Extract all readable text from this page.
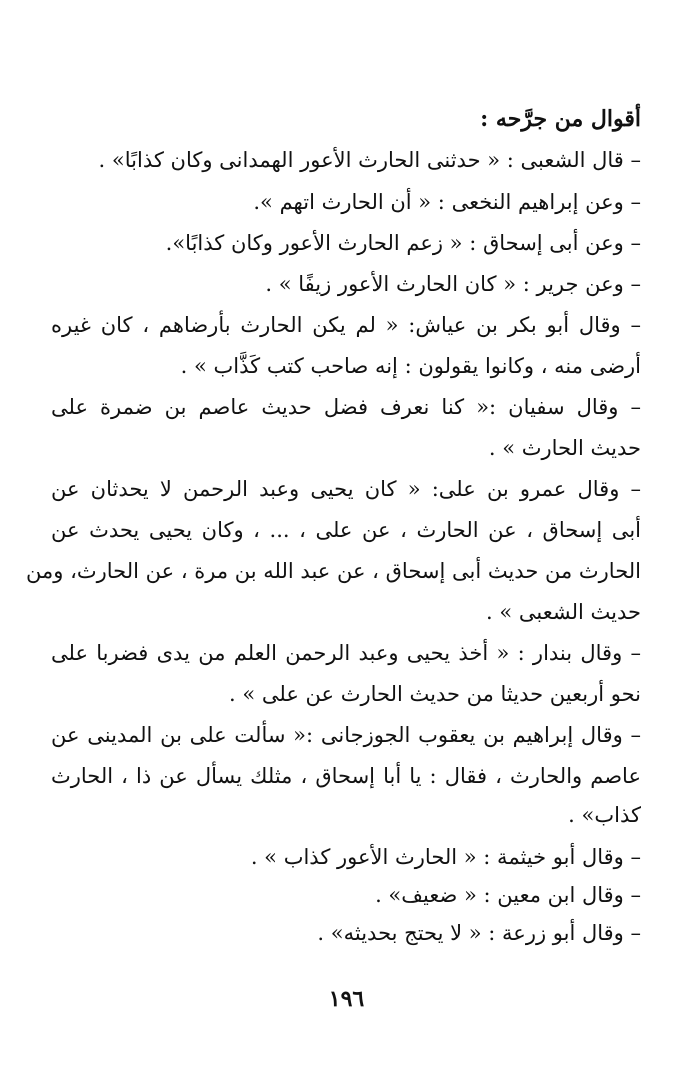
أقوال من جرَّحه :
– قال الشعبى : « حدثنى الحارث الأعور الهمدانى وكان كذابًا» .
– وعن إبراهيم النخعى : « أن الحارث اتهم ».
– وعن أبى إسحاق : « زعم الحارث الأعور وكان كذابًا».
– وعن جرير : « كان الحارث الأعور زيفًا » .
– وقال أبو بكر بن عياش: « لم يكن الحارث بأرضاهم ، كان غيره
أرضى منه ، وكانوا يقولون : إنه صاحب كتب كَذَّاب » .
– وقال سفيان :« كنا نعرف فضل حديث عاصم بن ضمرة على
حديث الحارث » .
– وقال عمرو بن على: « كان يحيى وعبد الرحمن لا يحدثان عن
أبى إسحاق ، عن الحارث ، عن على ، ... ، وكان يحيى يحدث عن
الحارث من حديث أبى إسحاق ، عن عبد الله بن مرة ، عن الحارث، ومن
حديث الشعبى » .
– وقال بندار : « أخذ يحيى وعبد الرحمن العلم من يدى فضربا على
نحو أربعين حديثا من حديث الحارث عن على » .
– وقال إبراهيم بن يعقوب الجوزجانى :« سألت على بن المدينى عن
عاصم والحارث ، فقال : يا أبا إسحاق ، مثلك يسأل عن ذا ، الحارث
كذاب» .
– وقال أبو خيثمة : « الحارث الأعور كذاب » .
– وقال ابن معين : « ضعيف» .
– وقال أبو زرعة : « لا يحتج بحديثه» .
١٩٦
